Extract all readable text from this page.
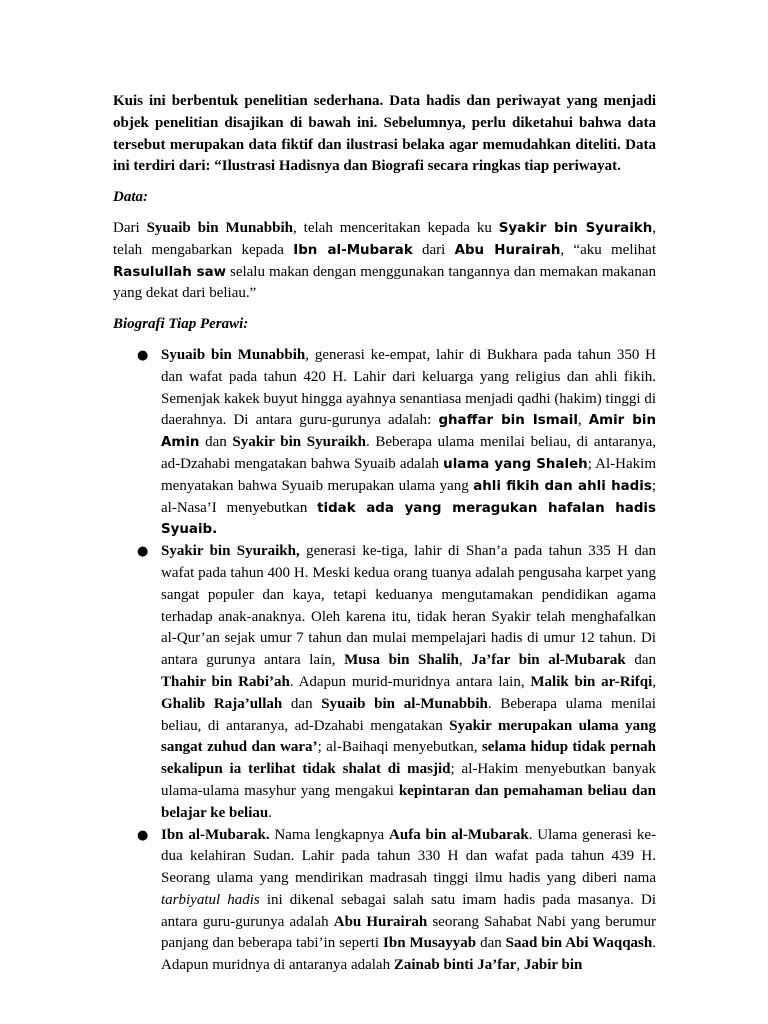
Kuis ini berbentuk penelitian sederhana. Data hadis dan periwayat yang menjadi objek penelitian disajikan di bawah ini. Sebelumnya, perlu diketahui bahwa data tersebut merupakan data fiktif dan ilustrasi belaka agar memudahkan diteliti. Data ini terdiri dari: “Ilustrasi Hadisnya dan Biografi secara ringkas tiap periwayat.

Data:

Dari Syuaib bin Munabbih, telah menceritakan kepada ku Syakir bin Syuraikh, telah mengabarkan kepada Ibn al-Mubarak dari Abu Hurairah, “aku melihat Rasulullah saw selalu makan dengan menggunakan tangannya dan memakan makanan yang dekat dari beliau.”

Biografi Tiap Perawi:

● Syuaib bin Munabbih, generasi ke-empat, lahir di Bukhara pada tahun 350 H dan wafat pada tahun 420 H. Lahir dari keluarga yang religius dan ahli fikih. Semenjak kakek buyut hingga ayahnya senantiasa menjadi qadhi (hakim) tinggi di daerahnya. Di antara guru-gurunya adalah: ghaffar bin Ismail, Amir bin Amin dan Syakir bin Syuraikh. Beberapa ulama menilai beliau, di antaranya, ad-Dzahabi mengatakan bahwa Syuaib adalah ulama yang Shaleh; Al-Hakim menyatakan bahwa Syuaib merupakan ulama yang ahli fikih dan ahli hadis; al-Nasa’I menyebutkan tidak ada yang meragukan hafalan hadis Syuaib.
● Syakir bin Syuraikh, generasi ke-tiga, lahir di Shan’a pada tahun 335 H dan wafat pada tahun 400 H. Meski kedua orang tuanya adalah pengusaha karpet yang sangat populer dan kaya, tetapi keduanya mengutamakan pendidikan agama terhadap anak-anaknya. Oleh karena itu, tidak heran Syakir telah menghafalkan al-Qur’an sejak umur 7 tahun dan mulai mempelajari hadis di umur 12 tahun. Di antara gurunya antara lain, Musa bin Shalih, Ja’far bin al-Mubarak dan Thahir bin Rabi’ah. Adapun murid-muridnya antara lain, Malik bin ar-Rifqi, Ghalib Raja’ullah dan Syuaib bin al-Munabbih. Beberapa ulama menilai beliau, di antaranya, ad-Dzahabi mengatakan Syakir merupakan ulama yang sangat zuhud dan wara’; al-Baihaqi menyebutkan, selama hidup tidak pernah sekalipun ia terlihat tidak shalat di masjid; al-Hakim menyebutkan banyak ulama-ulama masyhur yang mengakui kepintaran dan pemahaman beliau dan belajar ke beliau.
● Ibn al-Mubarak. Nama lengkapnya Aufa bin al-Mubarak. Ulama generasi ke-dua kelahiran Sudan. Lahir pada tahun 330 H dan wafat pada tahun 439 H. Seorang ulama yang mendirikan madrasah tinggi ilmu hadis yang diberi nama tarbiyatul hadis ini dikenal sebagai salah satu imam hadis pada masanya. Di antara guru-gurunya adalah Abu Hurairah seorang Sahabat Nabi yang berumur panjang dan beberapa tabi’in seperti Ibn Musayyab dan Saad bin Abi Waqqash. Adapun muridnya di antaranya adalah Zainab binti Ja’far, Jabir bin
